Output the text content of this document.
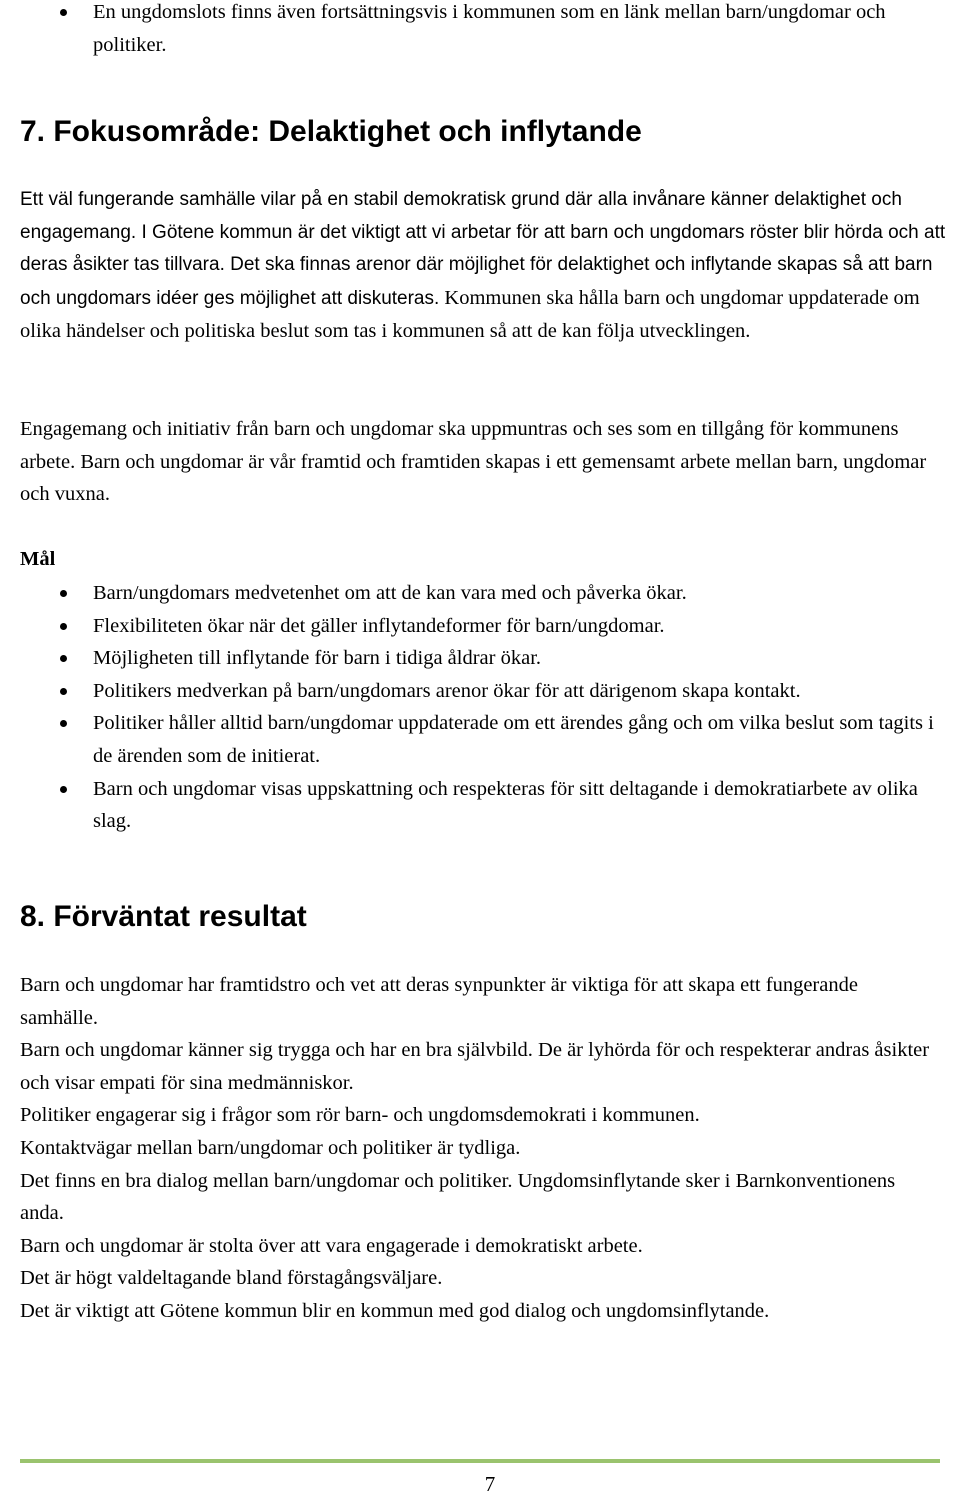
En ungdomslots finns även fortsättningsvis i kommunen som en länk mellan barn/ungdomar och politiker.
7. Fokusområde: Delaktighet och inflytande

Ett väl fungerande samhälle vilar på en stabil demokratisk grund där alla invånare känner delaktighet och engagemang. I Götene kommun är det viktigt att vi arbetar för att barn och ungdomars röster blir hörda och att deras åsikter tas tillvara. Det ska finnas arenor där möjlighet för delaktighet och inflytande skapas så att barn och ungdomars idéer ges möjlighet att diskuteras. Kommunen ska hålla barn och ungdomar uppdaterade om olika händelser och politiska beslut som tas i kommunen så att de kan följa utvecklingen.

Engagemang och initiativ från barn och ungdomar ska uppmuntras och ses som en tillgång för kommunens arbete. Barn och ungdomar är vår framtid och framtiden skapas i ett gemensamt arbete mellan barn, ungdomar och vuxna.

Mål

Barn/ungdomars medvetenhet om att de kan vara med och påverka ökar.
Flexibiliteten ökar när det gäller inflytandeformer för barn/ungdomar.
Möjligheten till inflytande för barn i tidiga åldrar ökar.
Politikers medverkan på barn/ungdomars arenor ökar för att därigenom skapa kontakt.
Politiker håller alltid barn/ungdomar uppdaterade om ett ärendes gång och om vilka beslut som tagits i de ärenden som de initierat.
Barn och ungdomar visas uppskattning och respekteras för sitt deltagande i demokratiarbete av olika slag.
8. Förväntat resultat

Barn och ungdomar har framtidstro och vet att deras synpunkter är viktiga för att skapa ett fungerande samhälle.

Barn och ungdomar känner sig trygga och har en bra självbild. De är lyhörda för och respekterar andras åsikter och visar empati för sina medmänniskor.

Politiker engagerar sig i frågor som rör barn- och ungdomsdemokrati i kommunen.

Kontaktvägar mellan barn/ungdomar och politiker är tydliga.

Det finns en bra dialog mellan barn/ungdomar och politiker. Ungdomsinflytande sker i Barnkonventionens anda.

Barn och ungdomar är stolta över att vara engagerade i demokratiskt arbete.

Det är högt valdeltagande bland förstagångsväljare.

Det är viktigt att Götene kommun blir en kommun med god dialog och ungdomsinflytande.

7
